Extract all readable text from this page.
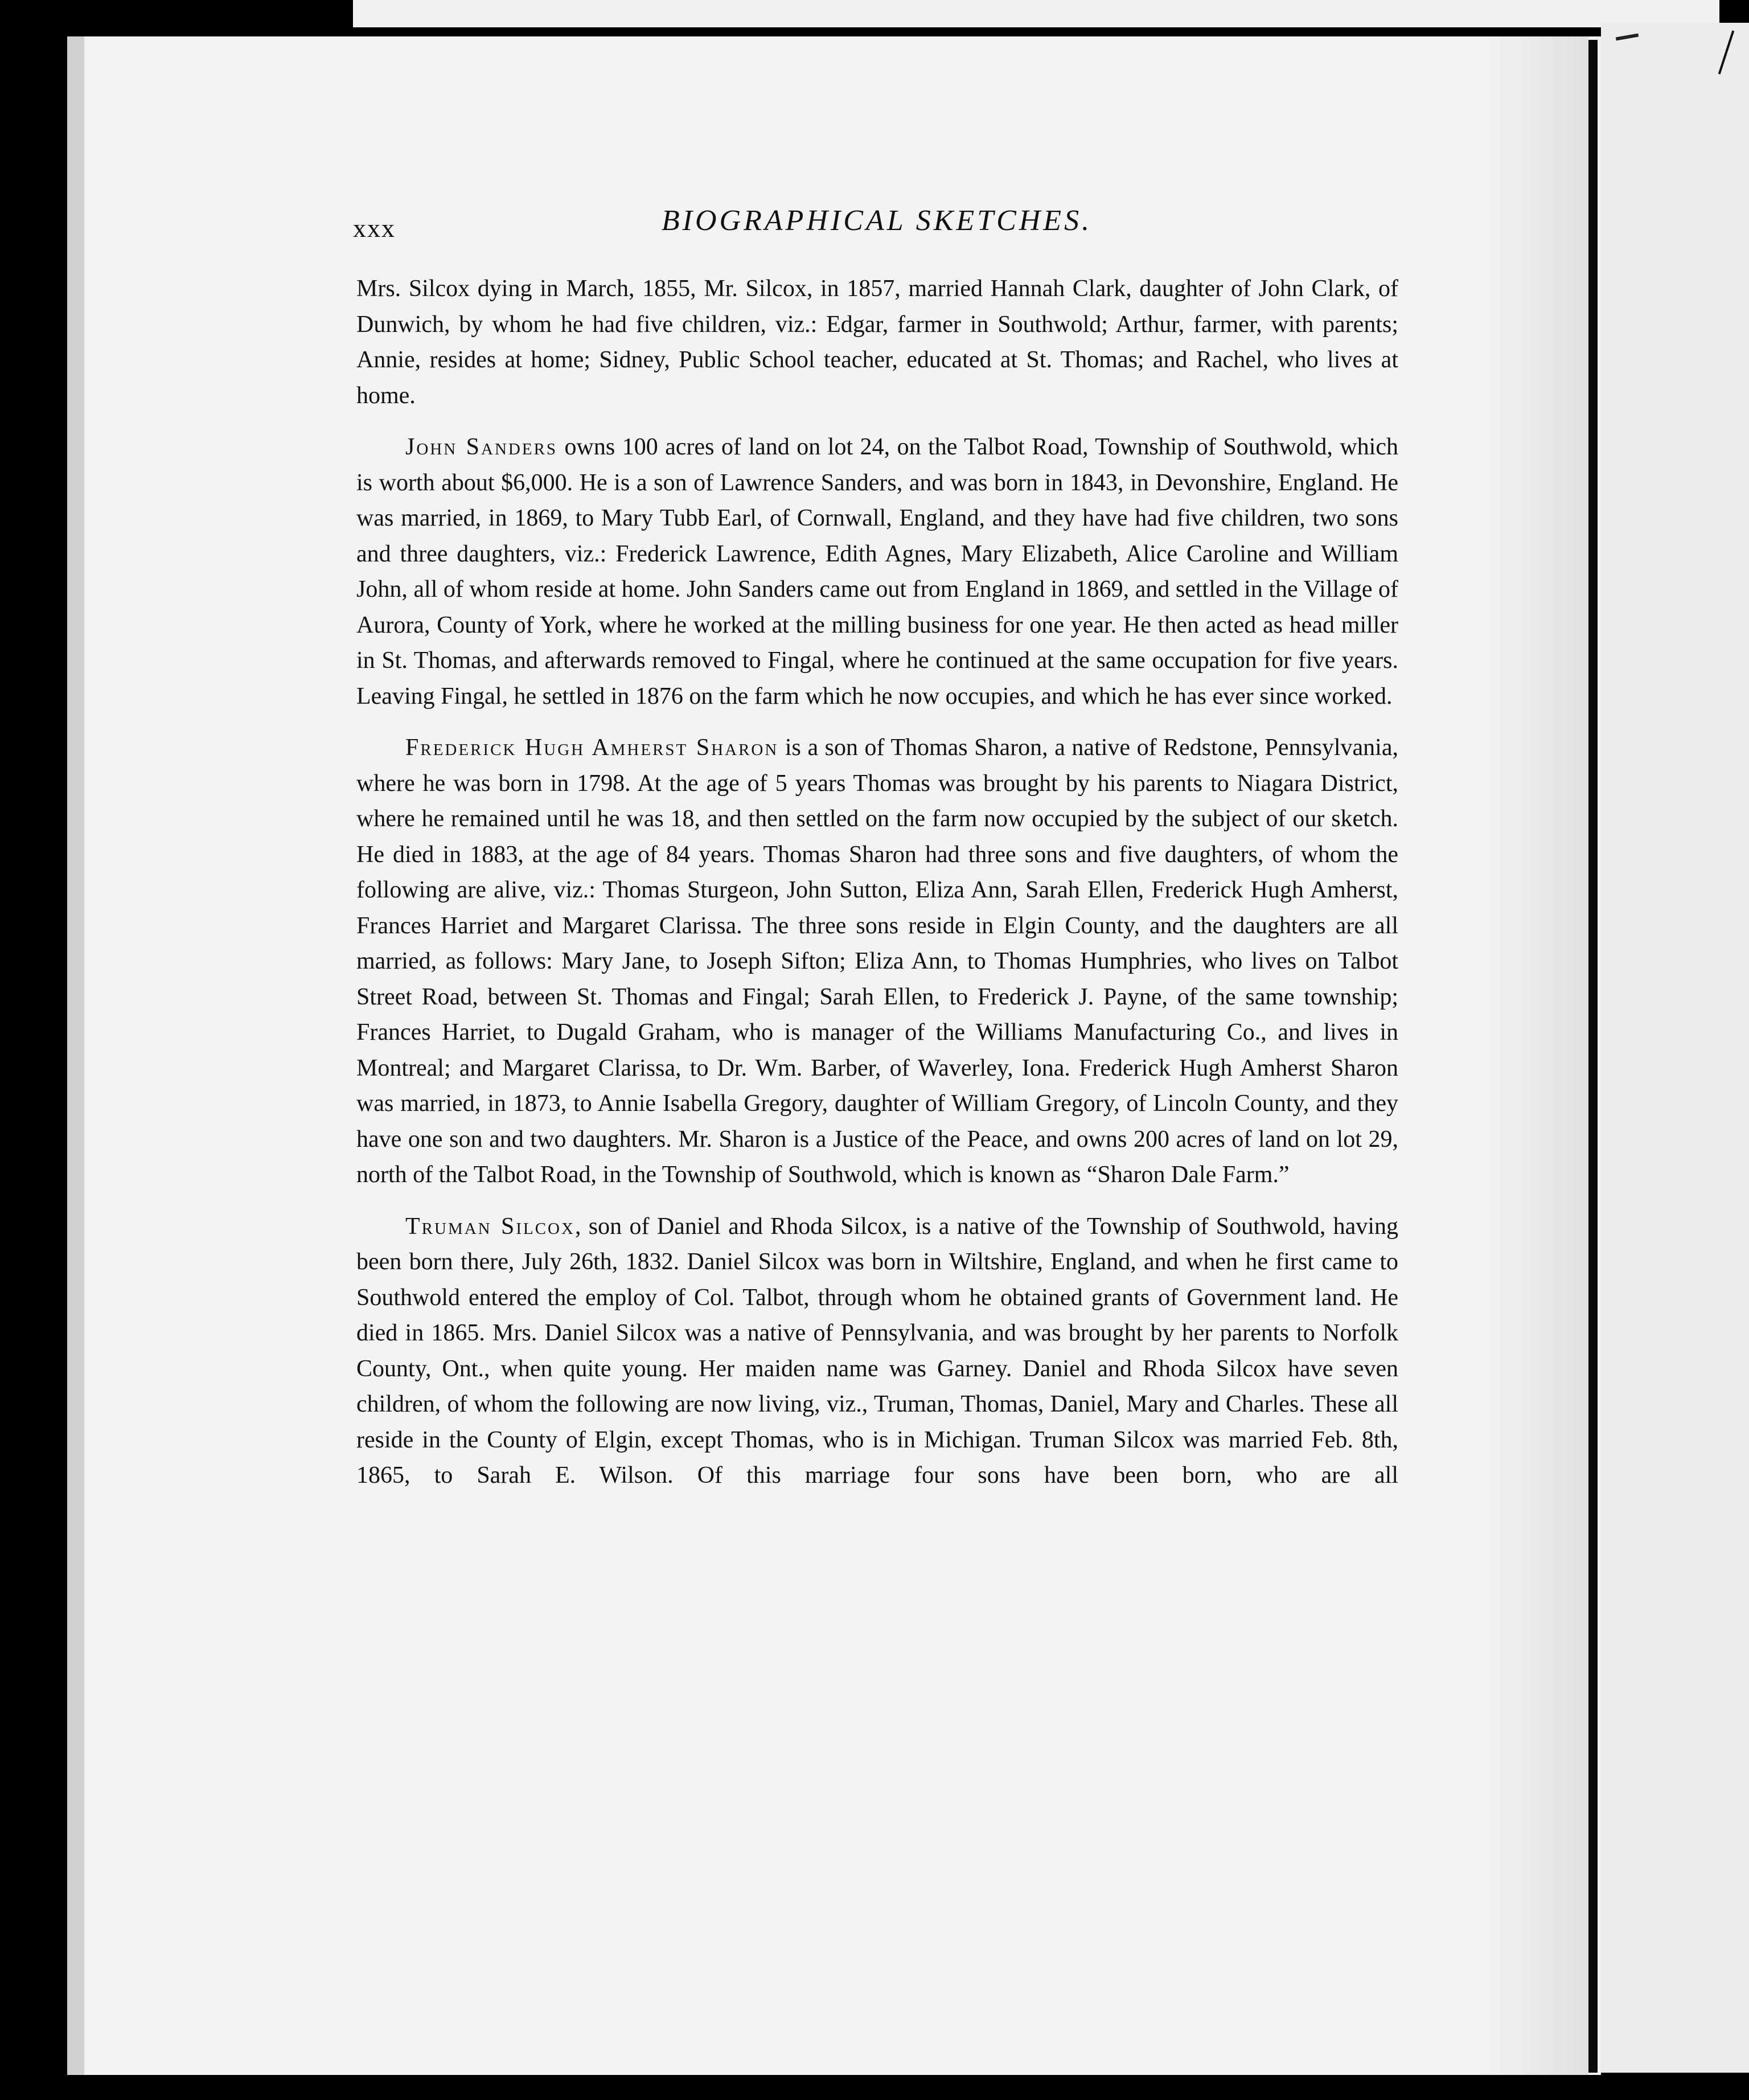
xxx	BIOGRAPHICAL SKETCHES.

Mrs. Silcox dying in March, 1855, Mr. Silcox, in 1857, married Hannah Clark, daughter of John Clark, of Dunwich, by whom he had five children, viz.: Edgar, farmer in Southwold; Arthur, farmer, with parents; Annie, resides at home; Sidney, Public School teacher, educated at St. Thomas; and Rachel, who lives at home.

John Sanders owns 100 acres of land on lot 24, on the Talbot Road, Township of Southwold, which is worth about $6,000. He is a son of Lawrence Sanders, and was born in 1843, in Devonshire, England. He was married, in 1869, to Mary Tubb Earl, of Cornwall, England, and they have had five children, two sons and three daughters, viz.: Frederick Lawrence, Edith Agnes, Mary Elizabeth, Alice Caroline and William John, all of whom reside at home. John Sanders came out from England in 1869, and settled in the Village of Aurora, County of York, where he worked at the milling business for one year. He then acted as head miller in St. Thomas, and afterwards removed to Fingal, where he continued at the same occupation for five years. Leaving Fingal, he settled in 1876 on the farm which he now occupies, and which he has ever since worked.

Frederick Hugh Amherst Sharon is a son of Thomas Sharon, a native of Redstone, Pennsylvania, where he was born in 1798. At the age of 5 years Thomas was brought by his parents to Niagara District, where he remained until he was 18, and then settled on the farm now occupied by the subject of our sketch. He died in 1883, at the age of 84 years. Thomas Sharon had three sons and five daughters, of whom the following are alive, viz.: Thomas Sturgeon, John Sutton, Eliza Ann, Sarah Ellen, Frederick Hugh Amherst, Frances Harriet and Margaret Clarissa. The three sons reside in Elgin County, and the daughters are all married, as follows: Mary Jane, to Joseph Sifton; Eliza Ann, to Thomas Humphries, who lives on Talbot Street Road, between St. Thomas and Fingal; Sarah Ellen, to Frederick J. Payne, of the same township; Frances Harriet, to Dugald Graham, who is manager of the Williams Manufacturing Co., and lives in Montreal; and Margaret Clarissa, to Dr. Wm. Barber, of Waverley, Iona. Frederick Hugh Amherst Sharon was married, in 1873, to Annie Isabella Gregory, daughter of William Gregory, of Lincoln County, and they have one son and two daughters. Mr. Sharon is a Justice of the Peace, and owns 200 acres of land on lot 29, north of the Talbot Road, in the Township of Southwold, which is known as “Sharon Dale Farm.”

Truman Silcox, son of Daniel and Rhoda Silcox, is a native of the Township of Southwold, having been born there, July 26th, 1832. Daniel Silcox was born in Wiltshire, England, and when he first came to Southwold entered the employ of Col. Talbot, through whom he obtained grants of Government land. He died in 1865. Mrs. Daniel Silcox was a native of Pennsylvania, and was brought by her parents to Norfolk County, Ont., when quite young. Her maiden name was Garney. Daniel and Rhoda Silcox have seven children, of whom the following are now living, viz., Truman, Thomas, Daniel, Mary and Charles. These all reside in the County of Elgin, except Thomas, who is in Michigan. Truman Silcox was married Feb. 8th, 1865, to Sarah E. Wilson. Of this marriage four sons have been born, who are all
